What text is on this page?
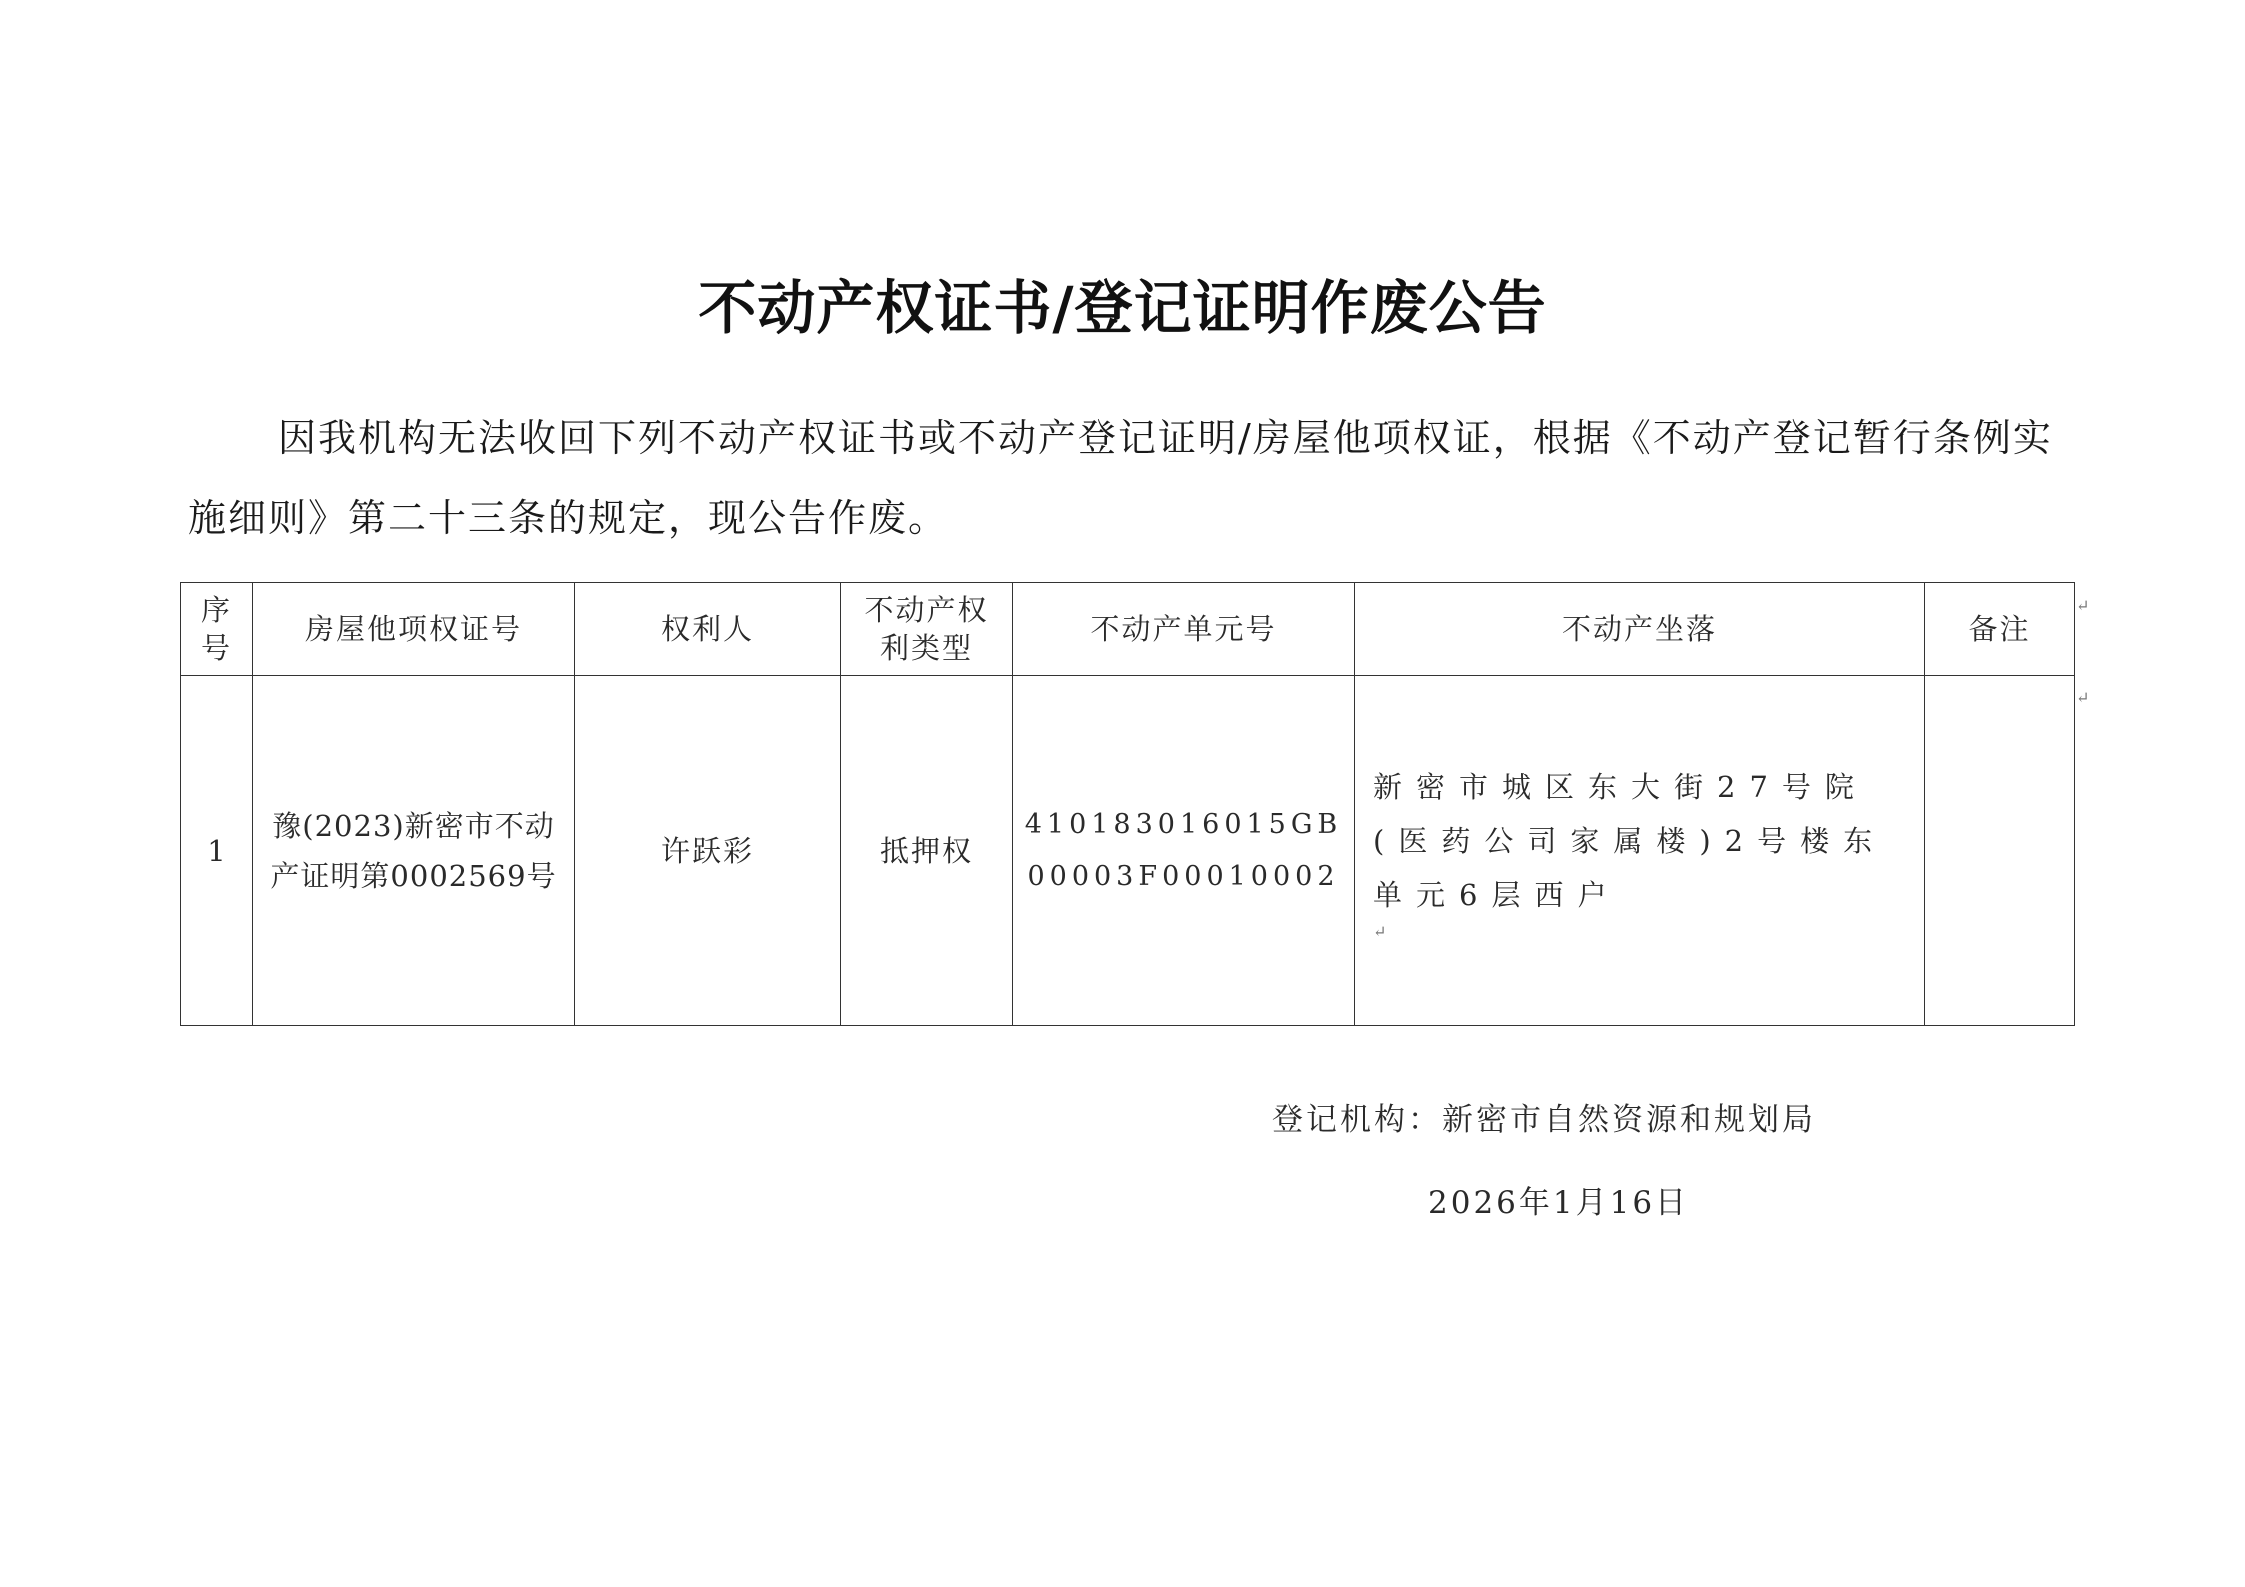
不动产权证书/登记证明作废公告
因我机构无法收回下列不动产权证书或不动产登记证明/房屋他项权证，根据《不动产登记暂行条例实施细则》第二十三条的规定，现公告作废。
序号	房屋他项权证号	权利人	不动产权利类型	不动产单元号	不动产坐落	备注
1	豫(2023)新密市不动产证明第0002569号	许跃彩	抵押权	410183016015GB00003F00010002	新密市城区东大街27号院(医药公司家属楼)2号楼东单元6层西户
↵	

↵
↵
登记机构：新密市自然资源和规划局
2026年1月16日
